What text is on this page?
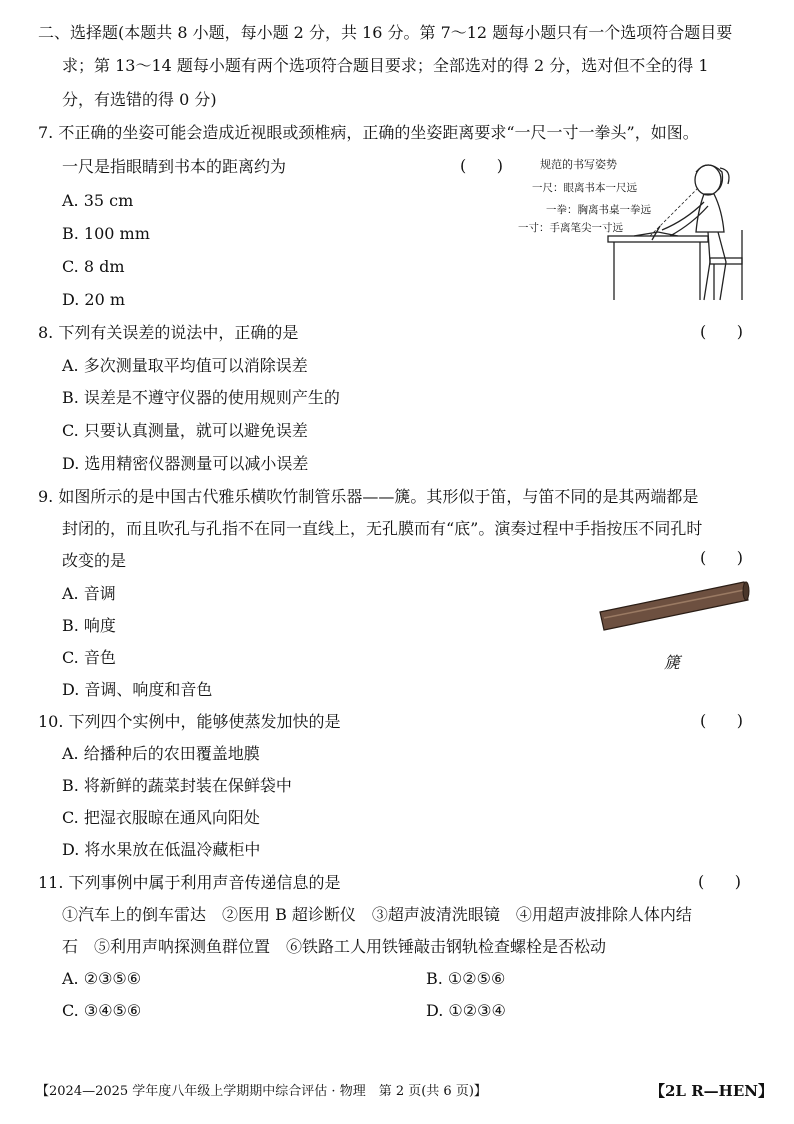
二、选择题(本题共 8 小题，每小题 2 分，共 16 分。第 7～12 题每小题只有一个选项符合题目要
求；第 13～14 题每小题有两个选项符合题目要求；全部选对的得 2 分，选对但不全的得 1
分，有选错的得 0 分)
7. 不正确的坐姿可能会造成近视眼或颈椎病，正确的坐姿距离要求“一尺一寸一拳头”，如图。
一尺是指眼睛到书本的距离约为	(      )
A. 35 cm
B. 100 mm
C. 8 dm
D. 20 m
规范的书写姿势
一尺：眼离书本一尺远
一拳：胸离书桌一拳远
一寸：手离笔尖一寸远
8. 下列有关误差的说法中，正确的是	(      )
A. 多次测量取平均值可以消除误差
B. 误差是不遵守仪器的使用规则产生的
C. 只要认真测量，就可以避免误差
D. 选用精密仪器测量可以减小误差
9. 如图所示的是中国古代雅乐横吹竹制管乐器——篪。其形似于笛，与笛不同的是其两端都是
封闭的，而且吹孔与孔指不在同一直线上，无孔膜而有“底”。演奏过程中手指按压不同孔时
改变的是	(      )
A. 音调
B. 响度
C. 音色
D. 音调、响度和音色
篪
10. 下列四个实例中，能够使蒸发加快的是	(      )
A. 给播种后的农田覆盖地膜
B. 将新鲜的蔬菜封装在保鲜袋中
C. 把湿衣服晾在通风向阳处
D. 将水果放在低温冷藏柜中
11. 下列事例中属于利用声音传递信息的是	(      )
①汽车上的倒车雷达　②医用 B 超诊断仪　③超声波清洗眼镜　④用超声波排除人体内结
石　⑤利用声呐探测鱼群位置　⑥铁路工人用铁锤敲击钢轨检查螺栓是否松动
A. ②③⑤⑥	B. ①②⑤⑥
C. ③④⑤⑥	D. ①②③④
【2024—2025 学年度八年级上学期期中综合评估 · 物理　第 2 页(共 6 页)】	【2L R—HEN】
